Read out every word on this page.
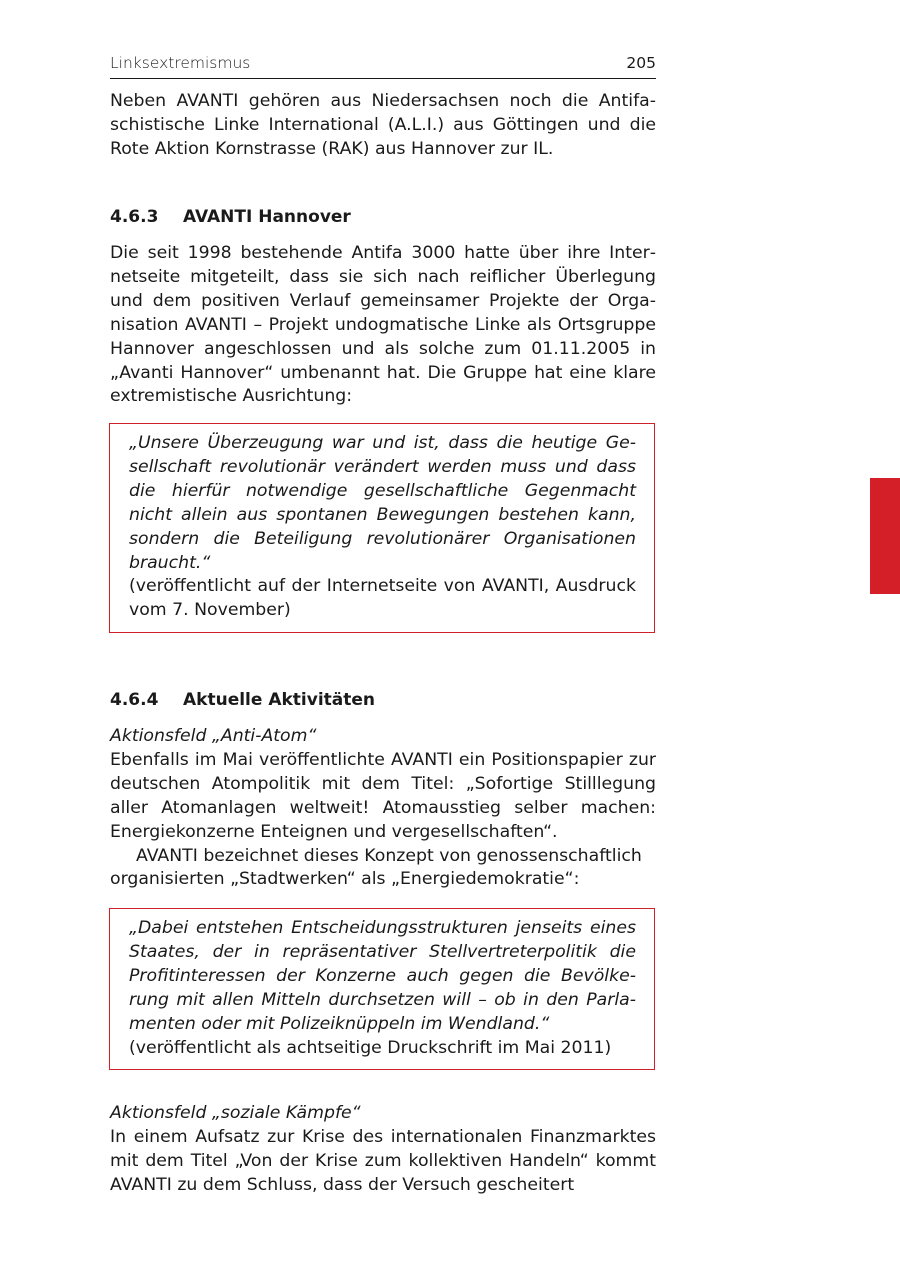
Linksextremismus	205
Neben AVANTI gehören aus Niedersachsen noch die Antifaschistische Linke International (A.L.I.) aus Göttingen und die Rote Aktion Kornstrasse (RAK) aus Hannover zur IL.
4.6.3 AVANTI Hannover
Die seit 1998 bestehende Antifa 3000 hatte über ihre Internetseite mitgeteilt, dass sie sich nach reiflicher Überlegung und dem positiven Verlauf gemeinsamer Projekte der Organisation AVANTI – Projekt undogmatische Linke als Ortsgruppe Hannover angeschlossen und als solche zum 01.11.2005 in „Avanti Hannover“ umbenannt hat. Die Gruppe hat eine klare extremistische Ausrichtung:
„Unsere Überzeugung war und ist, dass die heutige Gesellschaft revolutionär verändert werden muss und dass die hierfür notwendige gesellschaftliche Gegenmacht nicht allein aus spontanen Bewegungen bestehen kann, sondern die Beteiligung revolutionärer Organisationen braucht.“
(veröffentlicht auf der Internetseite von AVANTI, Ausdruck vom 7. November)
4.6.4 Aktuelle Aktivitäten
Aktionsfeld „Anti-Atom“
Ebenfalls im Mai veröffentlichte AVANTI ein Positionspapier zur deutschen Atompolitik mit dem Titel: „Sofortige Stilllegung aller Atomanlagen weltweit! Atomausstieg selber machen: Energiekonzerne Enteignen und vergesellschaften“.
AVANTI bezeichnet dieses Konzept von genossenschaftlich organisierten „Stadtwerken“ als „Energiedemokratie“:
„Dabei entstehen Entscheidungsstrukturen jenseits eines Staates, der in repräsentativer Stellvertreterpolitik die Profitinteressen der Konzerne auch gegen die Bevölkerung mit allen Mitteln durchsetzen will – ob in den Parlamenten oder mit Polizeiknüppeln im Wendland.“
(veröffentlicht als achtseitige Druckschrift im Mai 2011)
Aktionsfeld „soziale Kämpfe“
In einem Aufsatz zur Krise des internationalen Finanzmarktes mit dem Titel „Von der Krise zum kollektiven Handeln“ kommt AVANTI zu dem Schluss, dass der Versuch gescheitert
